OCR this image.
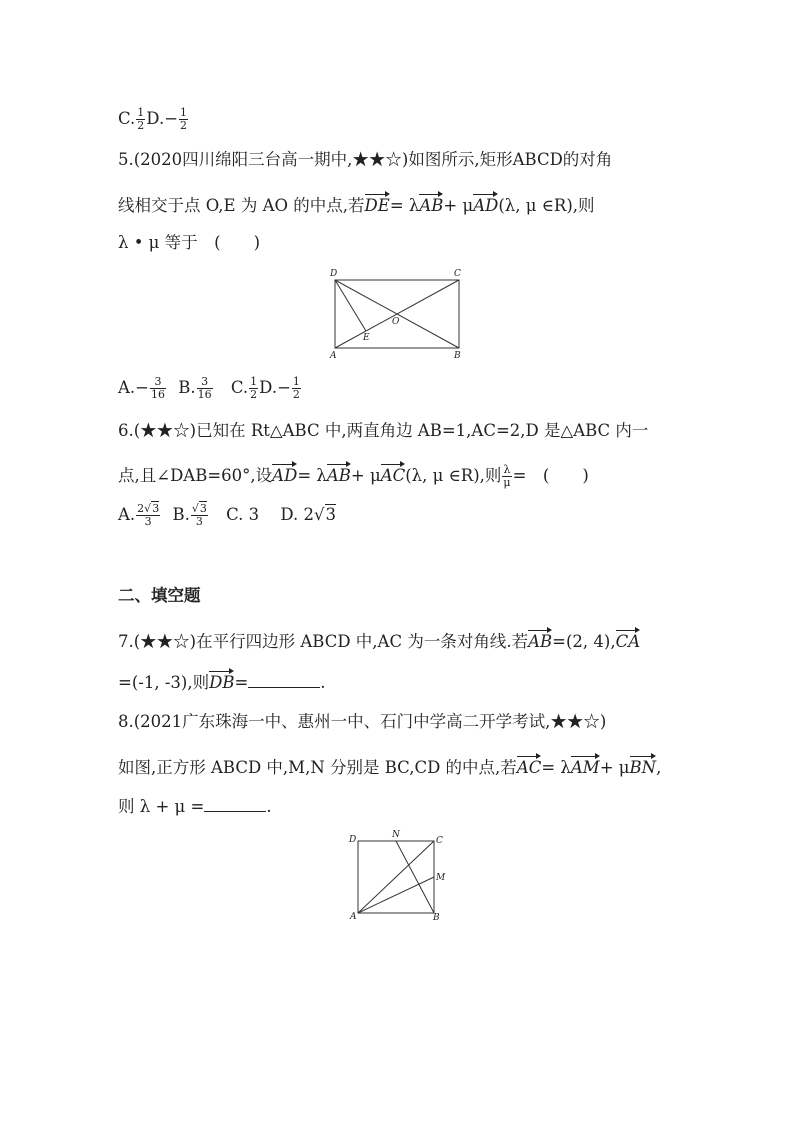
C. $\frac{1}{2} D.- \frac{1}{2}$
5.(2020四川绵阳三台高一期中,★★☆)如图所示,矩形ABCD的对角
线相交于点 O,E 为 AO 的中点,若DE= λAB+ μAD(λ, μ ∈R),则
λ • μ 等于　(　　)
D	C
A	B
O
E
$A.- \frac{3}{16} B$. $\frac{3}{16} C$. $\frac{1}{2} D.- \frac{1}{2}$
6.(★★☆)已知在 Rt△ABC 中,两直角边 AB=1,AC=2,D 是△ABC 内一
点,且∠DAB=60°,设AD= λAB+ μAC(λ, μ ∈R),则 $\frac{\lambda}{\mu}$ =　(　　)
A. $\frac{2√3}{3} B$. $\frac{√3}{3} C$. 3 D. 2√3
二、填空题
7.(★★☆)在平行四边形 ABCD 中,AC 为一条对角线.若AB=(2, 4),CA
=(-1, -3),则DB=	.
8.(2021广东珠海一中、惠州一中、石门中学高二开学考试,★★☆)
如图,正方形 ABCD 中,M,N 分别是 BC,CD 的中点,若AC= λAM+ μBN,
则 λ + μ =	.
D	N
C
M
A	B
